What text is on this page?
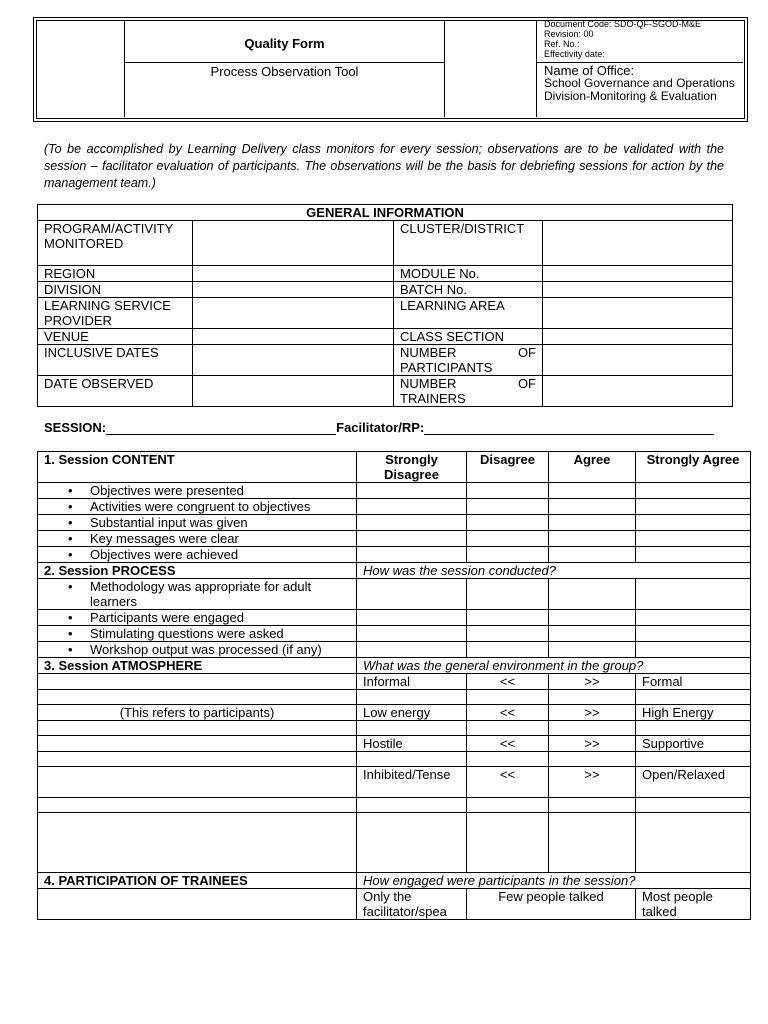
Quality Form
Process Observation Tool
Document Code: SDO-QF-SGOD-M&E
Revision: 00
Ref. No.:
Effectivity date:
Name of Office:
School Governance and Operations Division-Monitoring & Evaluation
(To be accomplished by Learning Delivery class monitors for every session; observations are to be validated with the session – facilitator evaluation of participants. The observations will be the basis for debriefing sessions for action by the management team.)
GENERAL INFORMATION			
PROGRAM/ACTIVITY MONITORED		CLUSTER/DISTRICT	
REGION		MODULE No.	
DIVISION		BATCH No.	
LEARNING SERVICE PROVIDER		LEARNING AREA	
VENUE		CLASS SECTION	
INCLUSIVE DATES		NUMBER OF PARTICIPANTS	
DATE OBSERVED		NUMBER OF TRAINERS	
SESSION:	Facilitator/RP:
1. Session CONTENT	Strongly Disagree	Disagree	Agree	Strongly Agree
• Objectives were presented				
• Activities were congruent to objectives				
• Substantial input was given				
• Key messages were clear				
• Objectives were achieved				
2. Session PROCESS	How was the session conducted?			
• Methodology was appropriate for adult learners				
• Participants were engaged				
• Stimulating questions were asked				
• Workshop output was processed (if any)				
3. Session ATMOSPHERE	What was the general environment in the group?			
	Informal	<<	>>	Formal

(This refers to participants)	Low energy	<<	>>	High Energy

	Hostile	<<	>>	Supportive

	Inhibited/Tense	<<	>>	Open/Relaxed

4. PARTICIPATION OF TRAINEES	How engaged were participants in the session?			

	Only the facilitator/spea	Few people talked		Most people talked
